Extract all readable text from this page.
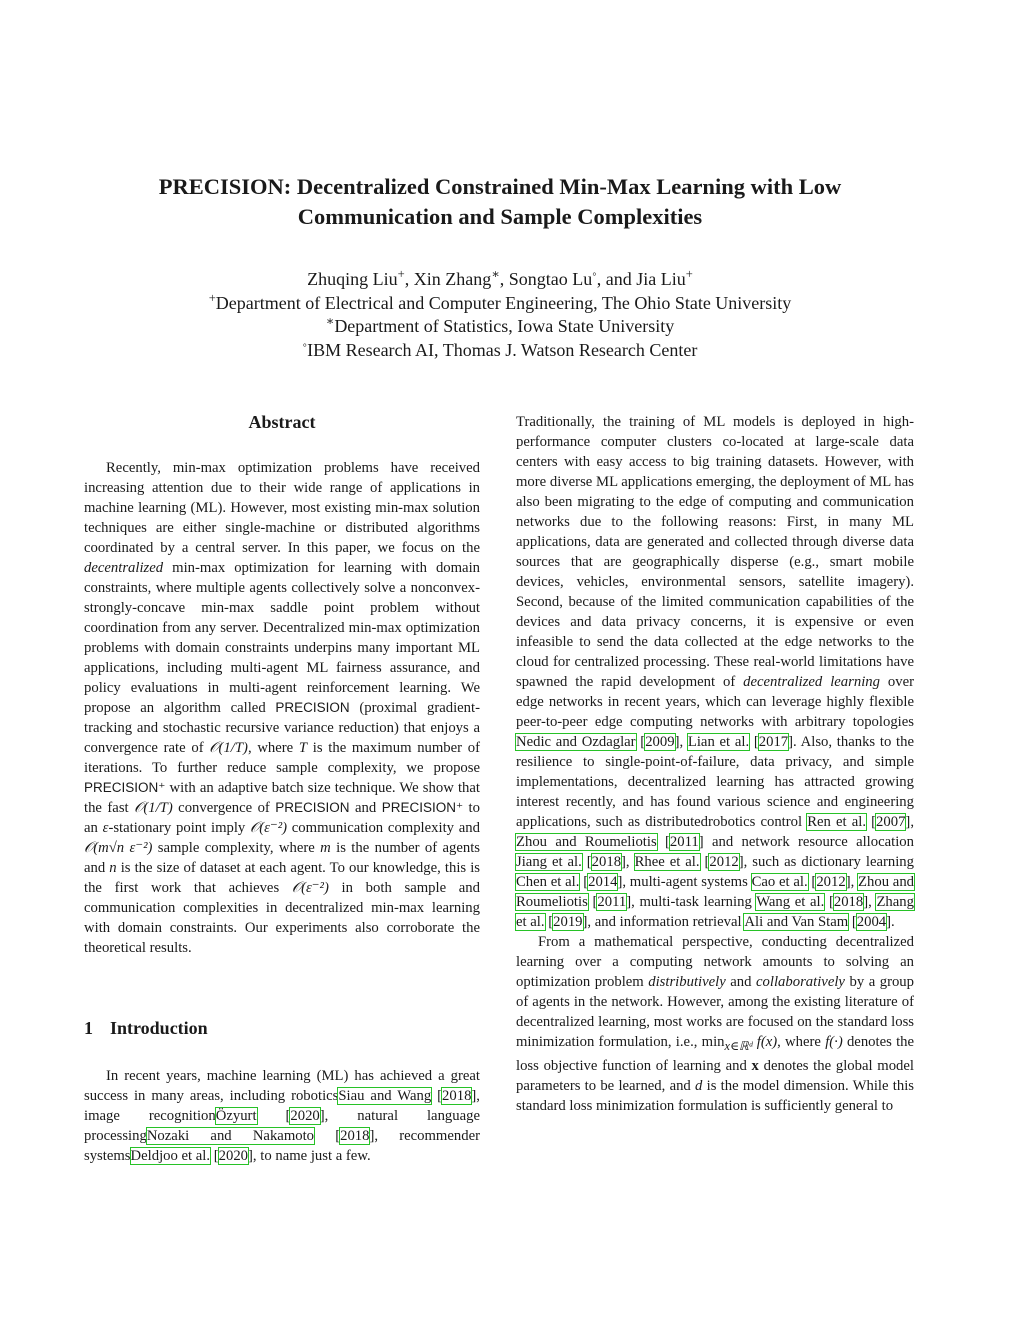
PRECISION: Decentralized Constrained Min-Max Learning with Low
Communication and Sample Complexities
Zhuqing Liu+, Xin Zhang∗, Songtao Lu◦, and Jia Liu+
+Department of Electrical and Computer Engineering, The Ohio State University
∗Department of Statistics, Iowa State University
◦IBM Research AI, Thomas J. Watson Research Center
Abstract

Recently, min-max optimization problems have received increasing attention due to their wide range of applications in machine learning (ML). However, most existing min-max solution techniques are either single-machine or distributed algorithms coordinated by a central server. In this paper, we focus on the decentralized min-max optimization for learning with domain constraints, where multiple agents collectively solve a nonconvex-strongly-concave min-max saddle point problem without coordination from any server. Decentralized min-max optimization problems with domain constraints underpins many important ML applications, including multi-agent ML fairness assurance, and policy evaluations in multi-agent reinforcement learning. We propose an algorithm called PRECISION (proximal gradient-tracking and stochastic recursive variance reduction) that enjoys a convergence rate of 𝒪(1/T), where T is the maximum number of iterations. To further reduce sample complexity, we propose PRECISION⁺ with an adaptive batch size technique. We show that the fast 𝒪(1/T) convergence of PRECISION and PRECISION⁺ to an ε-stationary point imply 𝒪(ε⁻²) communication complexity and 𝒪(m√n ε⁻²) sample complexity, where m is the number of agents and n is the size of dataset at each agent. To our knowledge, this is the first work that achieves 𝒪(ε⁻²) in both sample and communication complexities in decentralized min-max learning with domain constraints. Our experiments also corroborate the theoretical results.

1 Introduction

In recent years, machine learning (ML) has achieved a great success in many areas, including roboticsSiau and Wang [2018], image recognitionÖzyurt [2020], natural language processingNozaki and Nakamoto [2018], recommender systemsDeldjoo et al. [2020], to name just a few.

Traditionally, the training of ML models is deployed in high-performance computer clusters co-located at large-scale data centers with easy access to big training datasets. However, with more diverse ML applications emerging, the deployment of ML has also been migrating to the edge of computing and communication networks due to the following reasons: First, in many ML applications, data are generated and collected through diverse data sources that are geographically disperse (e.g., smart mobile devices, vehicles, environmental sensors, satellite imagery). Second, because of the limited communication capabilities of the devices and data privacy concerns, it is expensive or even infeasible to send the data collected at the edge networks to the cloud for centralized processing. These real-world limitations have spawned the rapid development of decentralized learning over edge networks in recent years, which can leverage highly flexible peer-to-peer edge computing networks with arbitrary topologies Nedic and Ozdaglar [2009], Lian et al. [2017]. Also, thanks to the resilience to single-point-of-failure, data privacy, and simple implementations, decentralized learning has attracted growing interest recently, and has found various science and engineering applications, such as distributedrobotics control Ren et al. [2007], Zhou and Roumeliotis [2011] and network resource allocation Jiang et al. [2018], Rhee et al. [2012], such as dictionary learning Chen et al. [2014], multi-agent systems Cao et al. [2012], Zhou and Roumeliotis [2011], multi-task learning Wang et al. [2018], Zhang et al. [2019], and information retrieval Ali and Van Stam [2004].

From a mathematical perspective, conducting decentralized learning over a computing network amounts to solving an optimization problem distributively and collaboratively by a group of agents in the network. However, among the existing literature of decentralized learning, most works are focused on the standard loss minimization formulation, i.e., $\min_{x\in ℝᵈ} f(x)$, where f(·) denotes the loss objective function of learning and x denotes the global model parameters to be learned, and d is the model dimension. While this standard loss minimization formulation is sufficiently general to
